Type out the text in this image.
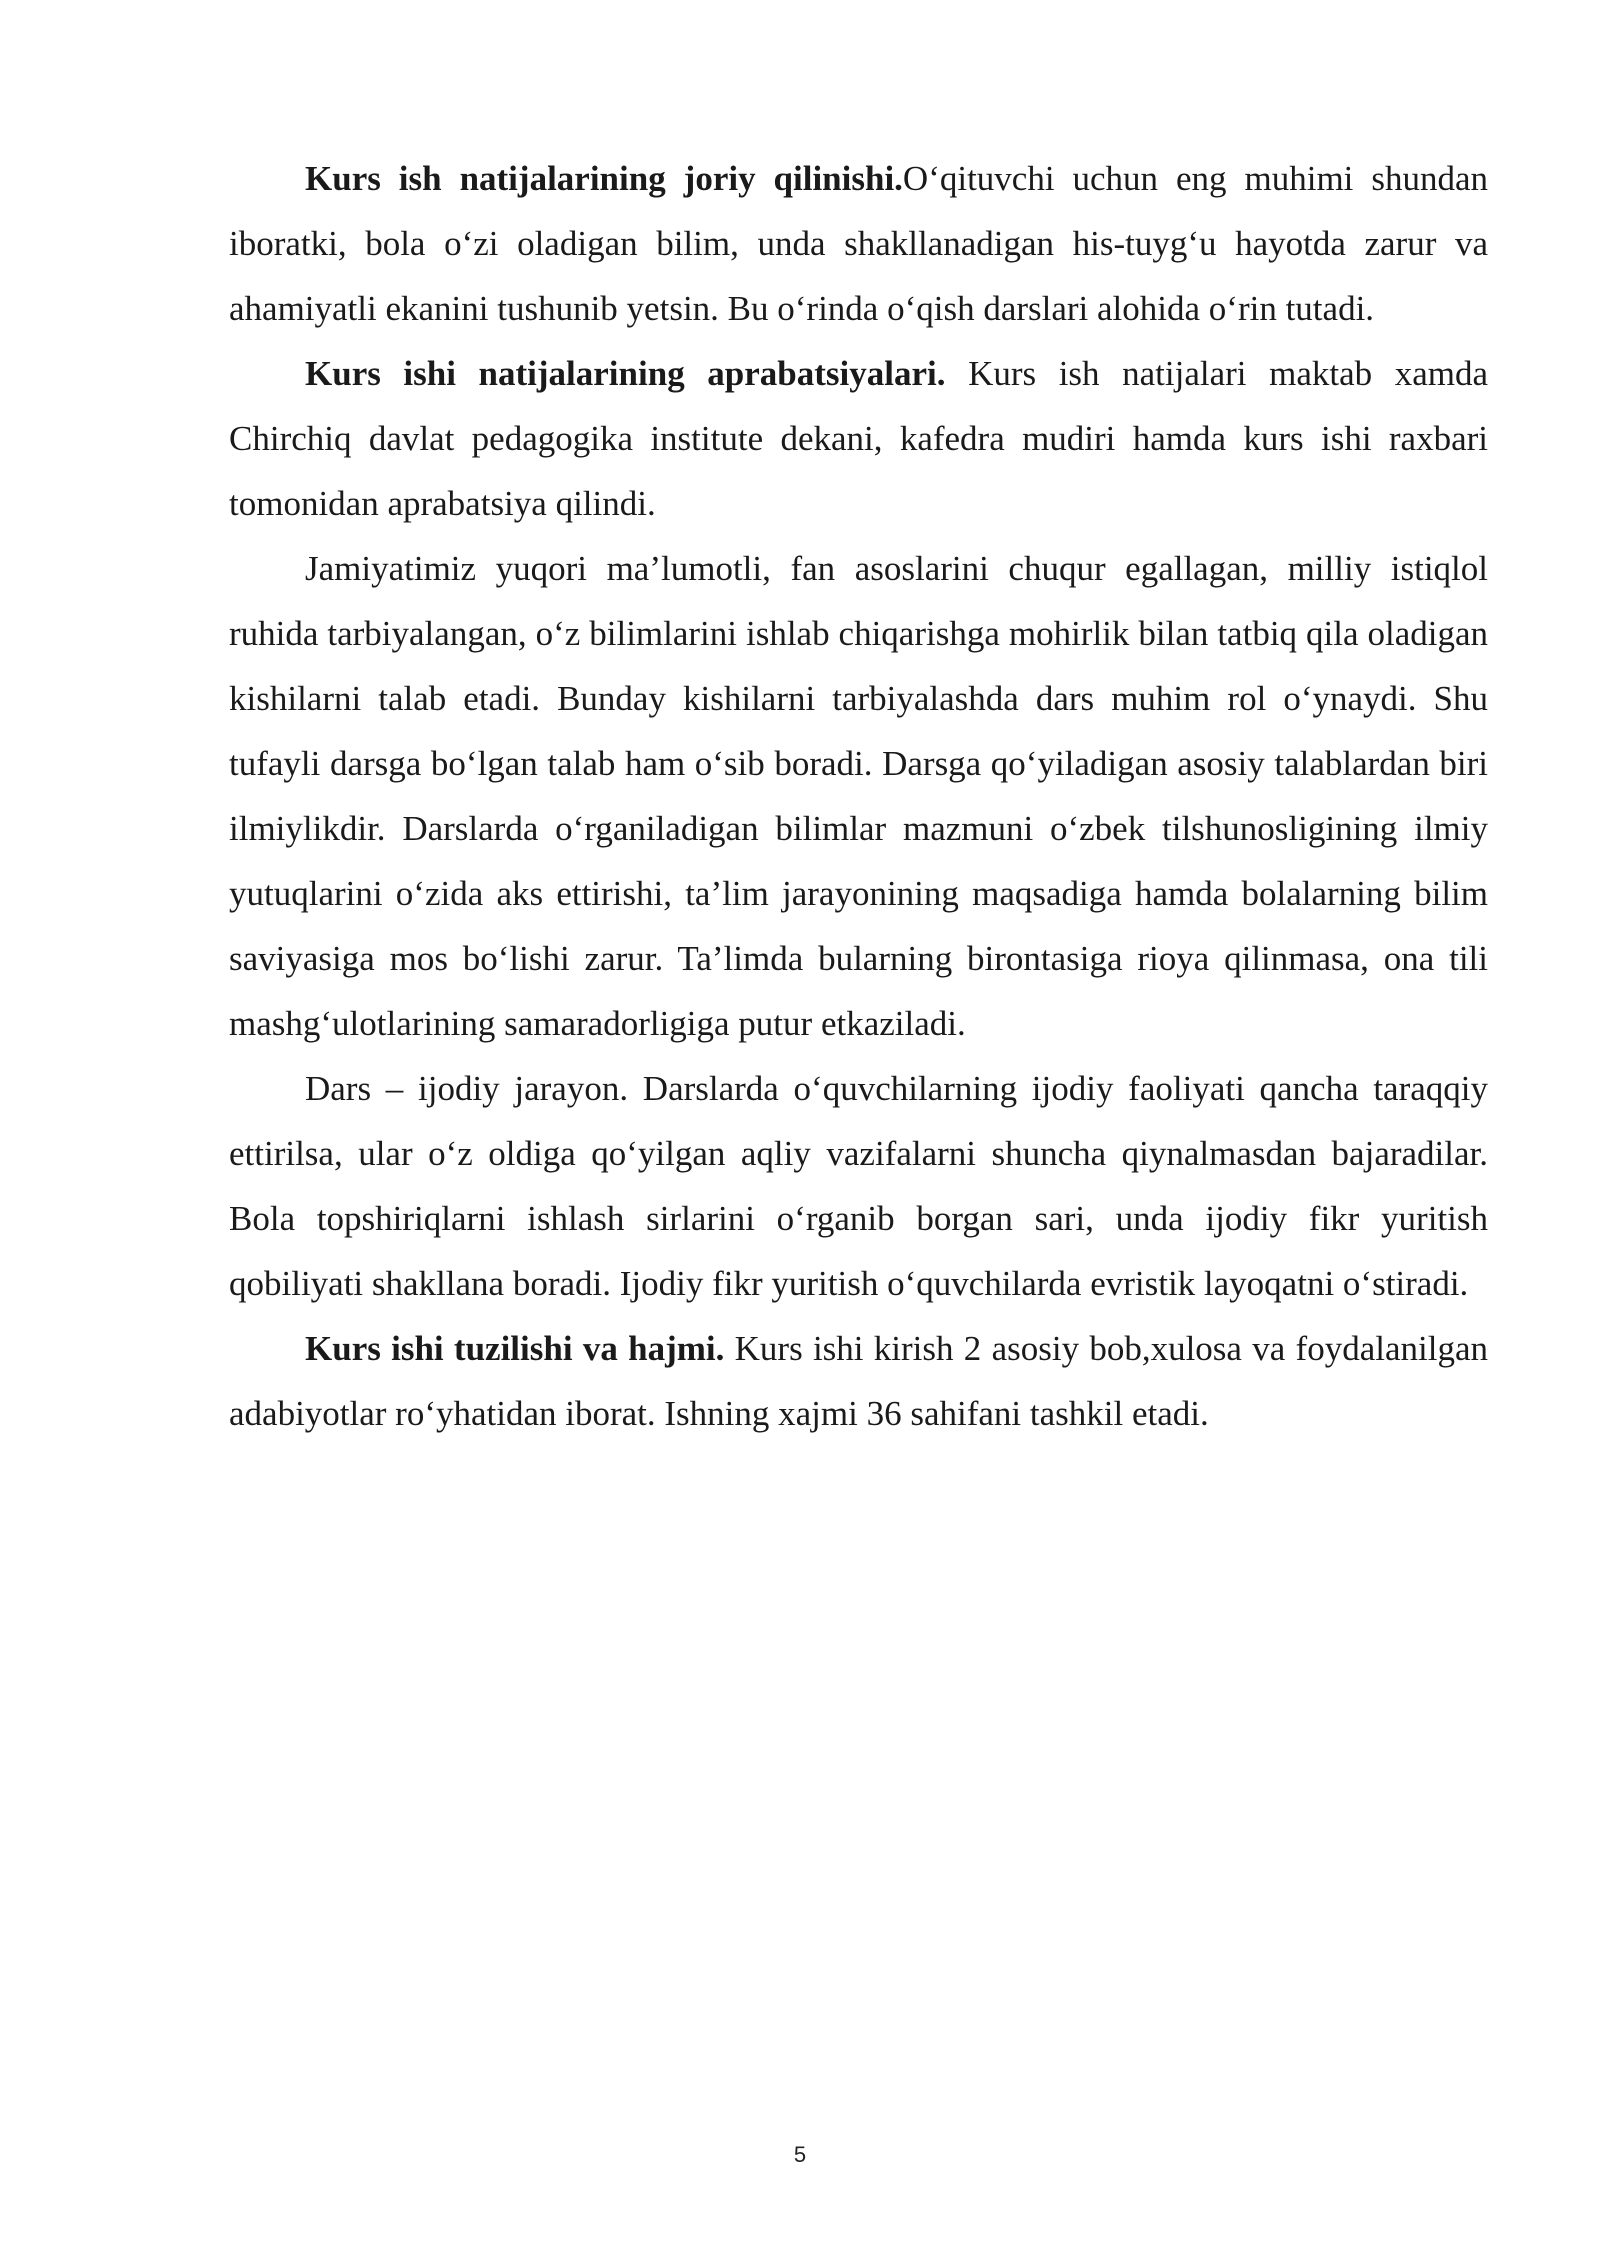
Kurs ish natijalarining joriy qilinishi.O‘qituvchi uchun eng muhimi shundan iboratki, bola o‘zi oladigan bilim, unda shakllanadigan his-tuyg‘u hayotda zarur va ahamiyatli ekanini tushunib yetsin. Bu o‘rinda o‘qish darslari alohida o‘rin tutadi.

Kurs ishi natijalarining aprabatsiyalari. Kurs ish natijalari maktab xamda Chirchiq davlat pedagogika institute dekani, kafedra mudiri hamda kurs ishi raxbari tomonidan aprabatsiya qilindi.

Jamiyatimiz yuqori ma’lumotli, fan asoslarini chuqur egallagan, milliy istiqlol ruhida tarbiyalangan, o‘z bilimlarini ishlab chiqarishga mohirlik bilan tatbiq qila oladigan kishilarni talab etadi. Bunday kishilarni tarbiyalashda dars muhim rol o‘ynaydi. Shu tufayli darsga bo‘lgan talab ham o‘sib boradi. Darsga qo‘yiladigan asosiy talablardan biri ilmiylikdir. Darslarda o‘rganiladigan bilimlar mazmuni o‘zbek tilshunosligining ilmiy yutuqlarini o‘zida aks ettirishi, ta’lim jarayonining maqsadiga hamda bolalarning bilim saviyasiga mos bo‘lishi zarur. Ta’limda bularning birontasiga rioya qilinmasa, ona tili mashg‘ulotlarining samaradorligiga putur etkaziladi.

Dars – ijodiy jarayon. Darslarda o‘quvchilarning ijodiy faoliyati qancha taraqqiy ettirilsa, ular o‘z oldiga qo‘yilgan aqliy vazifalarni shuncha qiynalmasdan bajaradilar. Bola topshiriqlarni ishlash sirlarini o‘rganib borgan sari, unda ijodiy fikr yuritish qobiliyati shakllana boradi. Ijodiy fikr yuritish o‘quvchilarda evristik layoqatni o‘stiradi.

Kurs ishi tuzilishi va hajmi. Kurs ishi kirish 2 asosiy bob,xulosa va foydalanilgan adabiyotlar ro‘yhatidan iborat. Ishning xajmi 36 sahifani tashkil etadi.

5
